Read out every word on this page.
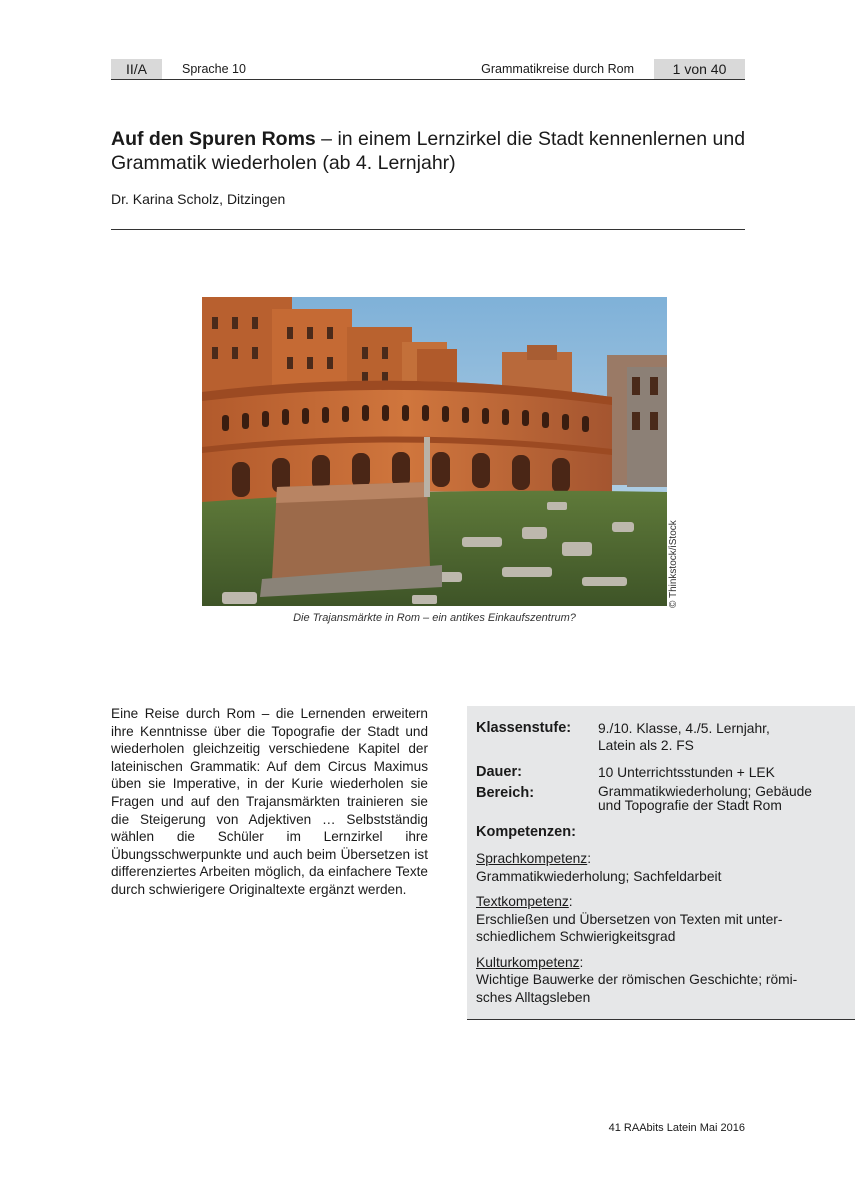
II/A	Sprache 10	Grammatikreise durch Rom	1 von 40
Auf den Spuren Roms – in einem Lernzirkel die Stadt kennenlernen und Grammatik wiederholen (ab 4. Lernjahr)
Dr. Karina Scholz, Ditzingen
© Thinkstock/iStock
Die Trajansmärkte in Rom – ein antikes Einkaufszentrum?
Eine Reise durch Rom – die Lernenden erweitern ihre Kenntnisse über die Topografie der Stadt und wiederholen gleichzeitig verschiedene Kapitel der lateinischen Grammatik: Auf dem Circus Maximus üben sie Imperative, in der Kurie wiederholen sie Fragen und auf den Trajansmärkten trainieren sie die Steigerung von Adjektiven … Selbstständig wählen die Schüler im Lernzirkel ihre Übungsschwerpunkte und auch beim Übersetzen ist differenziertes Arbeiten möglich, da einfachere Texte durch schwierigere Originaltexte ergänzt werden.
Klassenstufe: 9./10. Klasse, 4./5. Lernjahr,
Latein als 2. FS
Dauer:	10 Unterrichtsstunden + LEK
Bereich:	Grammatikwiederholung; Gebäude
und Topografie der Stadt Rom
Kompetenzen:
Sprachkompetenz:
Grammatikwiederholung; Sachfeldarbeit
Textkompetenz:
Erschließen und Übersetzen von Texten mit unter-
schiedlichem Schwierigkeitsgrad
Kulturkompetenz:
Wichtige Bauwerke der römischen Geschichte; römi-
sches Alltagsleben
41 RAAbits Latein Mai 2016
